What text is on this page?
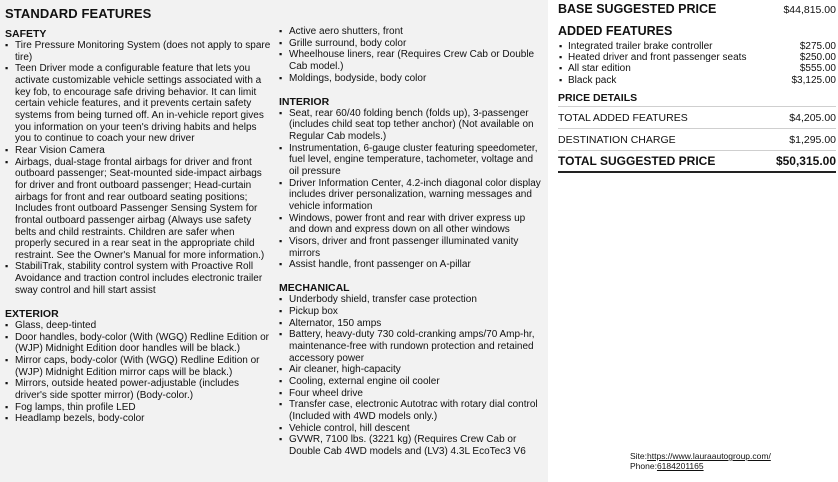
STANDARD FEATURES
SAFETY
▪ Tire Pressure Monitoring System (does not apply to spare tire)
▪ Teen Driver mode a configurable feature that lets you activate customizable vehicle settings associated with a key fob, to encourage safe driving behavior. It can limit certain vehicle features, and it prevents certain safety systems from being turned off. An in-vehicle report gives you information on your teen's driving habits and helps you to continue to coach your new driver
▪ Rear Vision Camera
▪ Airbags, dual-stage frontal airbags for driver and front outboard passenger; Seat-mounted side-impact airbags for driver and front outboard passenger; Head-curtain airbags for front and rear outboard seating positions; Includes front outboard Passenger Sensing System for frontal outboard passenger airbag (Always use safety belts and child restraints. Children are safer when properly secured in a rear seat in the appropriate child restraint. See the Owner's Manual for more information.)
▪ StabiliTrak, stability control system with Proactive Roll Avoidance and traction control includes electronic trailer sway control and hill start assist
EXTERIOR
▪ Glass, deep-tinted
▪ Door handles, body-color (With (WGQ) Redline Edition or (WJP) Midnight Edition door handles will be black.)
▪ Mirror caps, body-color (With (WGQ) Redline Edition or (WJP) Midnight Edition mirror caps will be black.)
▪ Mirrors, outside heated power-adjustable (includes driver's side spotter mirror) (Body-color.)
▪ Fog lamps, thin profile LED
▪ Headlamp bezels, body-color
▪ Active aero shutters, front
▪ Grille surround, body color
▪ Wheelhouse liners, rear (Requires Crew Cab or Double Cab model.)
▪ Moldings, bodyside, body color
INTERIOR
▪ Seat, rear 60/40 folding bench (folds up), 3-passenger (includes child seat top tether anchor) (Not available on Regular Cab models.)
▪ Instrumentation, 6-gauge cluster featuring speedometer, fuel level, engine temperature, tachometer, voltage and oil pressure
▪ Driver Information Center, 4.2-inch diagonal color display includes driver personalization, warning messages and vehicle information
▪ Windows, power front and rear with driver express up and down and express down on all other windows
▪ Visors, driver and front passenger illuminated vanity mirrors
▪ Assist handle, front passenger on A-pillar
MECHANICAL
▪ Underbody shield, transfer case protection
▪ Pickup box
▪ Alternator, 150 amps
▪ Battery, heavy-duty 730 cold-cranking amps/70 Amp-hr, maintenance-free with rundown protection and retained accessory power
▪ Air cleaner, high-capacity
▪ Cooling, external engine oil cooler
▪ Four wheel drive
▪ Transfer case, electronic Autotrac with rotary dial control (Included with 4WD models only.)
▪ Vehicle control, hill descent
▪ GVWR, 7100 lbs. (3221 kg) (Requires Crew Cab or Double Cab 4WD models and (LV3) 4.3L EcoTec3 V6
BASE SUGGESTED PRICE	$44,815.00
ADDED FEATURES
▪ Integrated trailer brake controller	$275.00
▪ Heated driver and front passenger seats	$250.00
▪ All star edition	$555.00
▪ Black pack	$3,125.00
PRICE DETAILS
TOTAL ADDED FEATURES	$4,205.00
DESTINATION CHARGE	$1,295.00
TOTAL SUGGESTED PRICE	$50,315.00
Site:https://www.lauraautogroup.com/
Phone:6184201165
